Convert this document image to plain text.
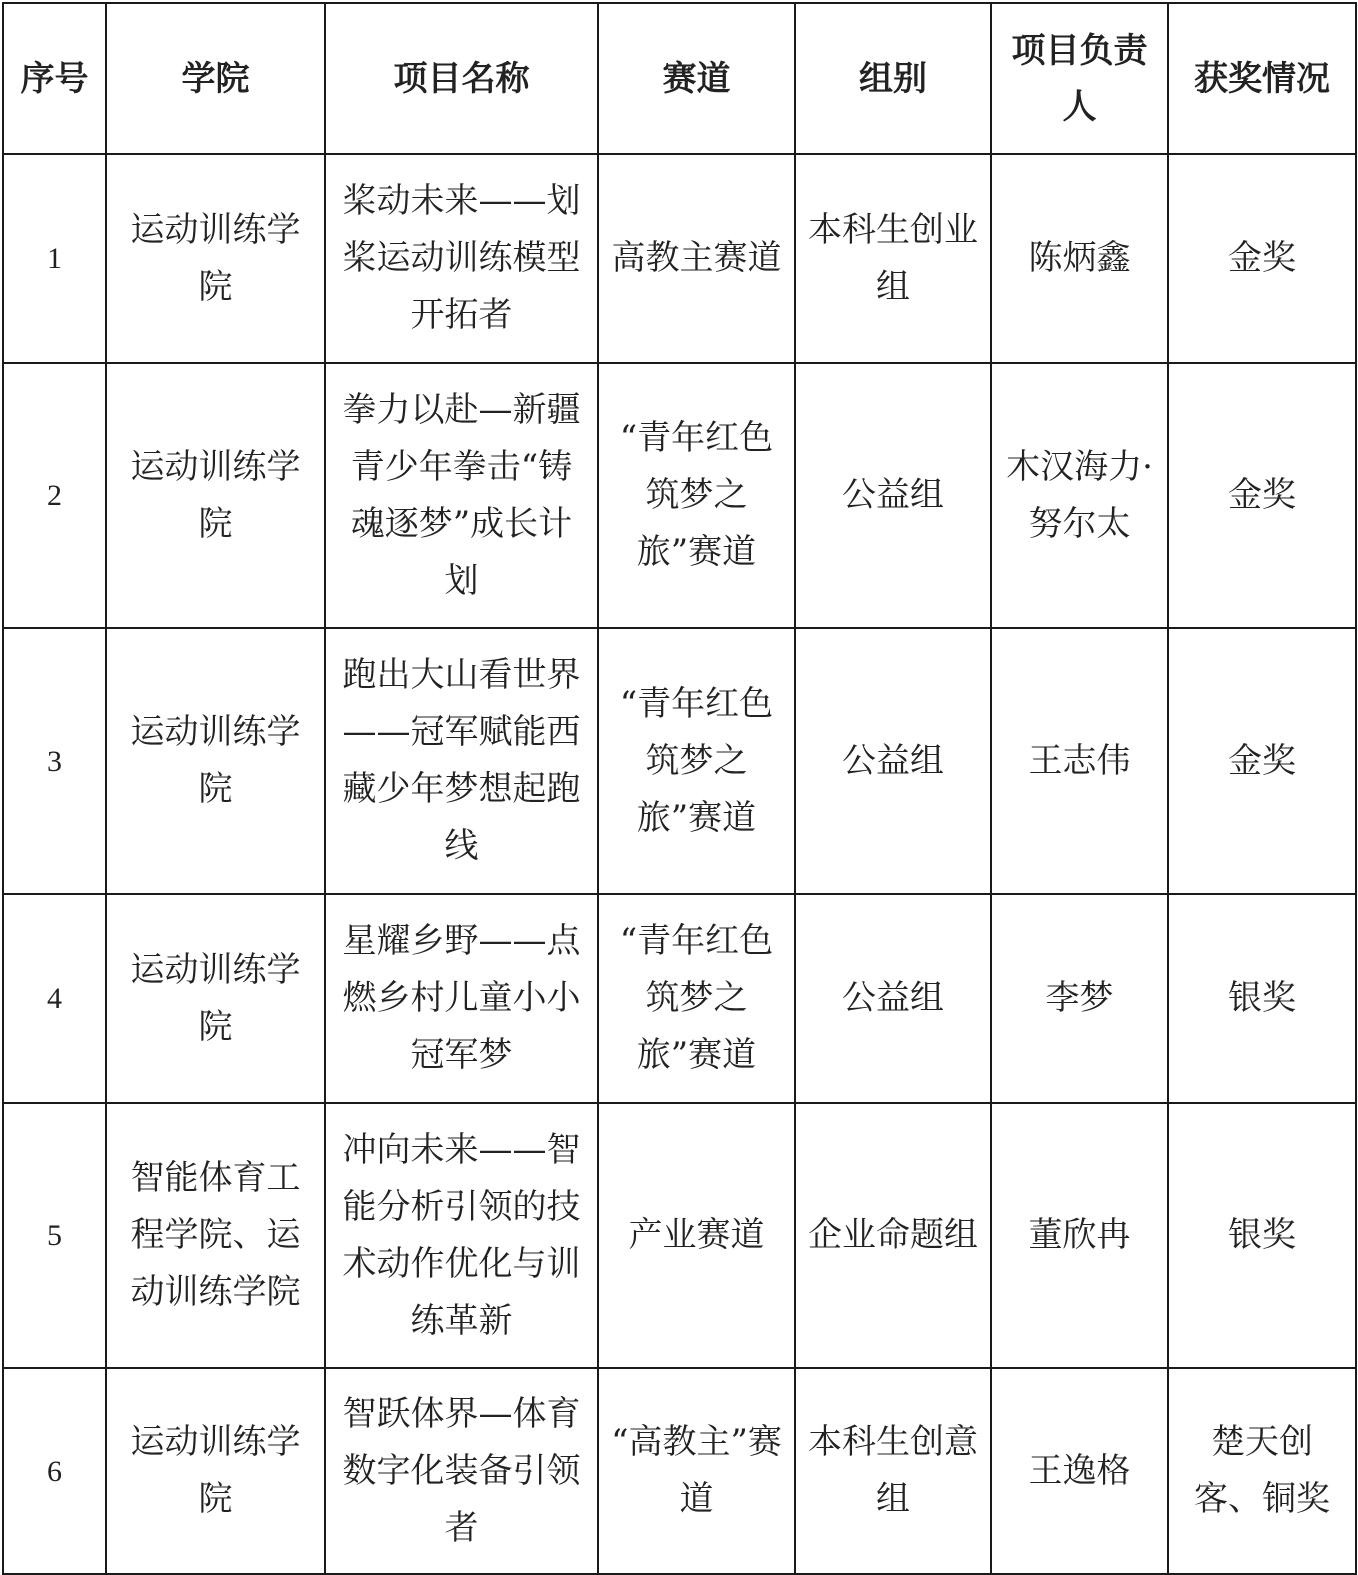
序号	学院	项目名称	赛道	组别	项目负责人	获奖情况
1	运动训练学院	桨动未来——划桨运动训练模型开拓者	高教主赛道	本科生创业组	陈炳鑫	金奖
2	运动训练学院	拳力以赴—新疆青少年拳击“铸魂逐梦”成长计划	“青年红色筑梦之旅”赛道	公益组	木汉海力·努尔太	金奖
3	运动训练学院	跑出大山看世界——冠军赋能西藏少年梦想起跑线	“青年红色筑梦之旅”赛道	公益组	王志伟	金奖
4	运动训练学院	星耀乡野——点燃乡村儿童小小冠军梦	“青年红色筑梦之旅”赛道	公益组	李梦	银奖
5	智能体育工程学院、运动训练学院	冲向未来——智能分析引领的技术动作优化与训练革新	产业赛道	企业命题组	董欣冉	银奖
6	运动训练学院	智跃体界—体育数字化装备引领者	“高教主”赛道	本科生创意组	王逸格	楚天创客、铜奖
